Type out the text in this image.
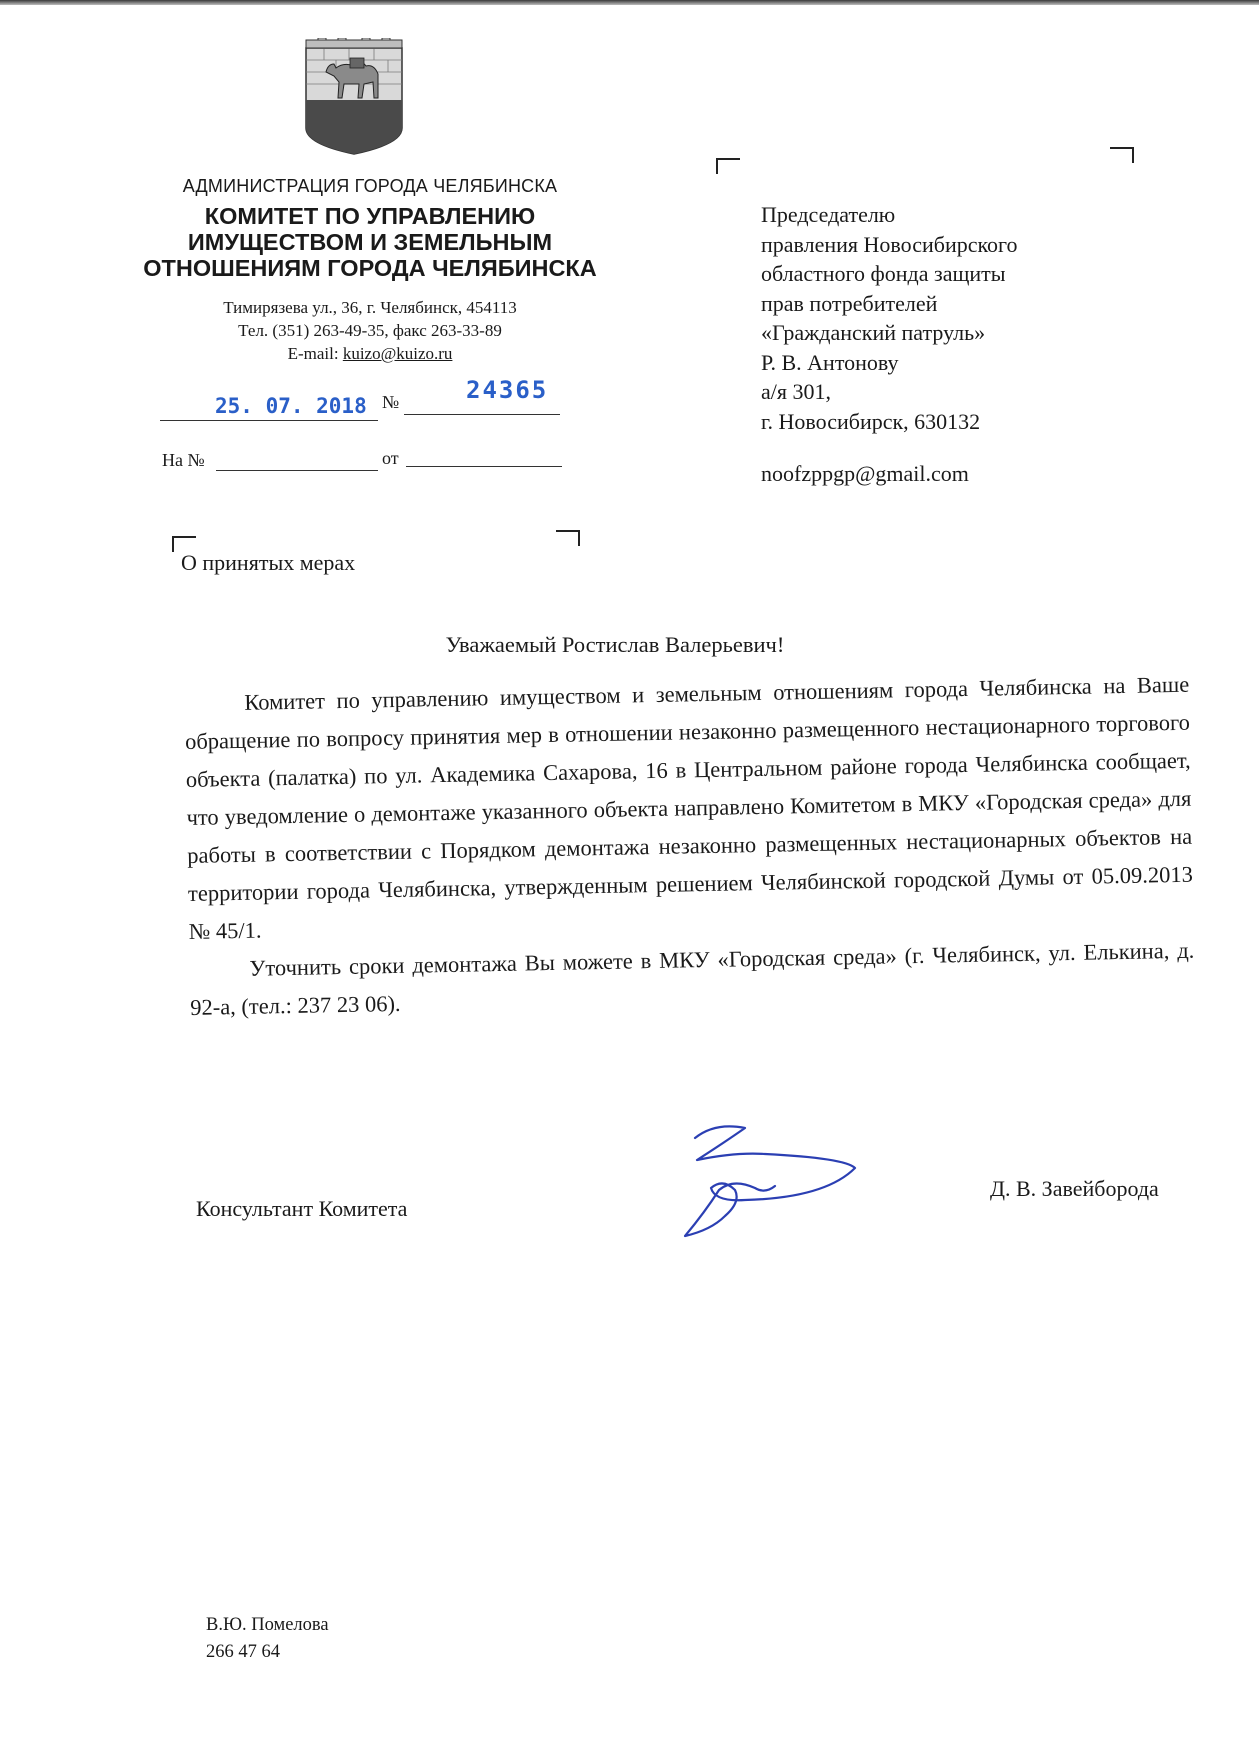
АДМИНИСТРАЦИЯ ГОРОДА ЧЕЛЯБИНСКА
КОМИТЕТ ПО УПРАВЛЕНИЮ
ИМУЩЕСТВОМ И ЗЕМЕЛЬНЫМ
ОТНОШЕНИЯМ ГОРОДА ЧЕЛЯБИНСКА
Тимирязева ул., 36, г. Челябинск, 454113
Тел. (351) 263-49-35, факс 263-33-89
E-mail: kuizo@kuizo.ru
25. 07. 2018 №	24365
На №	от
Председателю
правления Новосибирского
областного фонда защиты
прав потребителей
«Гражданский патруль»
Р. В. Антонову
а/я 301,
г. Новосибирск, 630132
noofzppgp@gmail.com
О принятых мерах
Уважаемый Ростислав Валерьевич!

Комитет по управлению имуществом и земельным отношениям города Челябинска на Ваше обращение по вопросу принятия мер в отношении незаконно размещенного нестационарного торгового объекта (палатка) по ул. Академика Сахарова, 16 в Центральном районе города Челябинска сообщает, что уведомление о демонтаже указанного объекта направлено Комитетом в МКУ «Городская среда» для работы в соответствии с Порядком демонтажа незаконно размещенных нестационарных объектов на территории города Челябинска, утвержденным решением Челябинской городской Думы от 05.09.2013 № 45/1.

Уточнить сроки демонтажа Вы можете в МКУ «Городская среда» (г. Челябинск, ул. Елькина, д. 92-а, (тел.: 237 23 06).

Консультант Комитета
Д. В. Завейборода
В.Ю. Помелова
266 47 64
